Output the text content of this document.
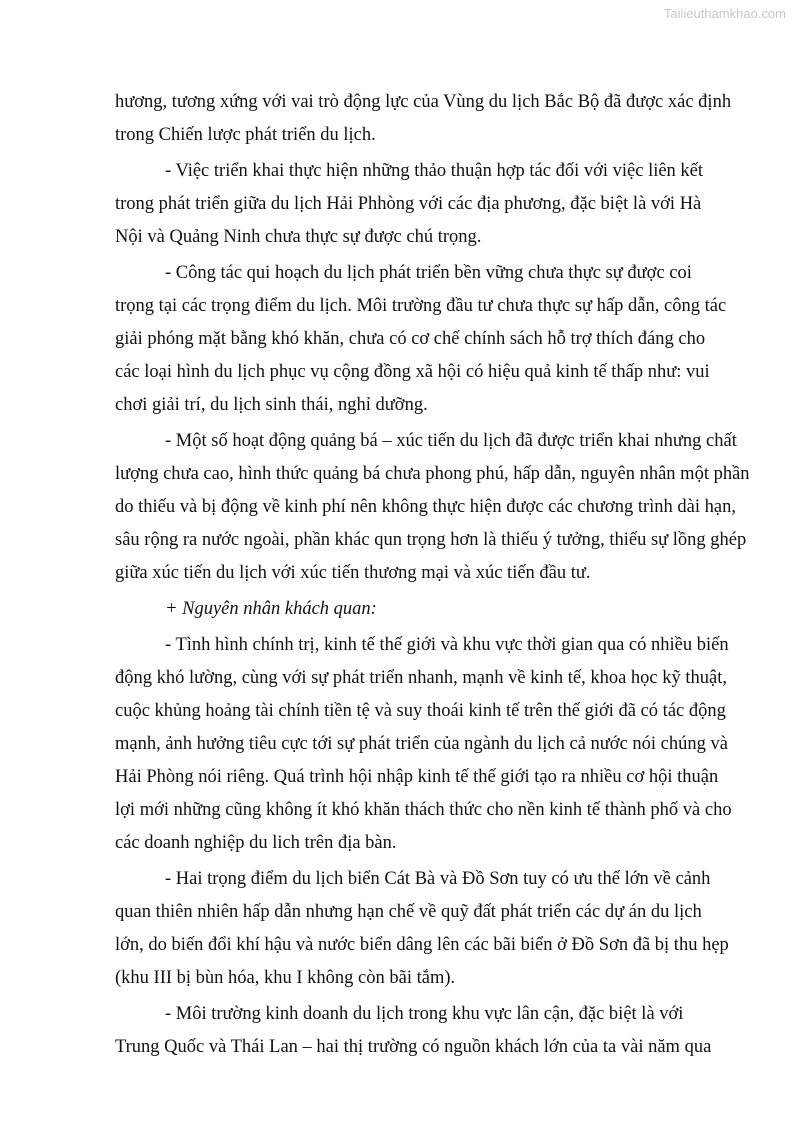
Tailieuthamkhao.com
hương, tương xứng với vai trò động lực của Vùng du lịch Bắc Bộ đã được xác định
trong Chiến lược phát triển du lịch.
- Việc triển khai thực hiện những thảo thuận hợp tác đối với việc liên kết
trong phát triển giữa du lịch Hải Phhòng với các địa phương, đặc biệt là với Hà
Nội và Quảng Ninh chưa thực sự được chú trọng.
- Công tác qui hoạch du lịch phát triển bền vững chưa thực sự được coi
trọng tại các trọng điểm du lịch. Môi trường đầu tư chưa thực sự hấp dẫn, công tác
giải phóng mặt bằng khó khăn, chưa có cơ chế chính sách hỗ trợ thích đáng cho
các loại hình du lịch phục vụ cộng đồng xã hội có hiệu quả kinh tế thấp như: vui
chơi giải trí, du lịch sinh thái, nghỉ dưỡng.
- Một số hoạt động quảng bá – xúc tiến du lịch đã được triển khai nhưng chất
lượng chưa cao, hình thức quảng bá chưa phong phú, hấp dẫn, nguyên nhân một phần
do thiếu và bị động về kinh phí nên không thực hiện được các chương trình dài hạn,
sâu rộng ra nước ngoài, phần khác qun trọng hơn là thiếu ý tưởng, thiếu sự lồng ghép
giữa xúc tiến du lịch với xúc tiến thương mại và xúc tiến đầu tư.
+ Nguyên nhân khách quan:
- Tình hình chính trị, kinh tế thế giới và khu vực thời gian qua có nhiều biến
động khó lường, cùng với sự phát triển nhanh, mạnh về kinh tế, khoa học kỹ thuật,
cuộc khủng hoảng tài chính tiền tệ và suy thoái kinh tế trên thế giới đã có tác động
mạnh, ảnh hưởng tiêu cực tới sự phát triển của ngành du lịch cả nước nói chúng và
Hải Phòng nói riêng. Quá trình hội nhập kinh tế thế giới tạo ra nhiều cơ hội thuận
lợi mới những cũng không ít khó khăn thách thức cho nền kinh tế thành phố và cho
các doanh nghiệp du lich trên địa bàn.
- Hai trọng điểm du lịch biển Cát Bà và Đồ Sơn tuy có ưu thế lớn về cảnh
quan thiên nhiên hấp dẫn nhưng hạn chế về quỹ đất phát triển các dự án du lịch
lớn, do biến đổi khí hậu và nước biển dâng lên các bãi biển ở Đồ Sơn đã bị thu hẹp
(khu III bị bùn hóa, khu I không còn bãi tắm).
- Môi trường kinh doanh du lịch trong khu vực lân cận, đặc biệt là với
Trung Quốc và Thái Lan – hai thị trường có nguồn khách lớn của ta vài năm qua
